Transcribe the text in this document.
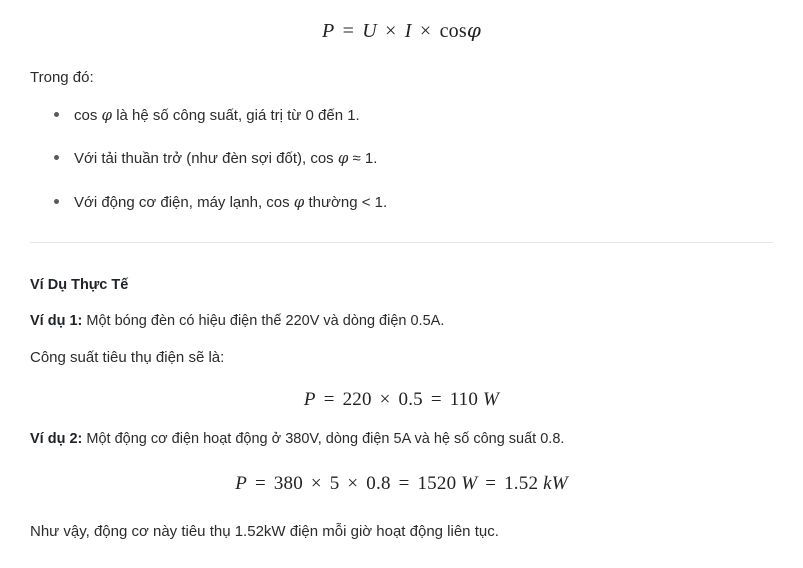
P = U × I × cosφ
Trong đó:
cos φ là hệ số công suất, giá trị từ 0 đến 1.
Với tải thuần trở (như đèn sợi đốt), cos φ ≈ 1.
Với động cơ điện, máy lạnh, cos φ thường < 1.
Ví Dụ Thực Tế
Ví dụ 1: Một bóng đèn có hiệu điện thế 220V và dòng điện 0.5A.
Công suất tiêu thụ điện sẽ là:
P = 220 × 0.5 = 110 W
Ví dụ 2: Một động cơ điện hoạt động ở 380V, dòng điện 5A và hệ số công suất 0.8.
P = 380 × 5 × 0.8 = 1520 W = 1.52 kW
Như vậy, động cơ này tiêu thụ 1.52kW điện mỗi giờ hoạt động liên tục.
